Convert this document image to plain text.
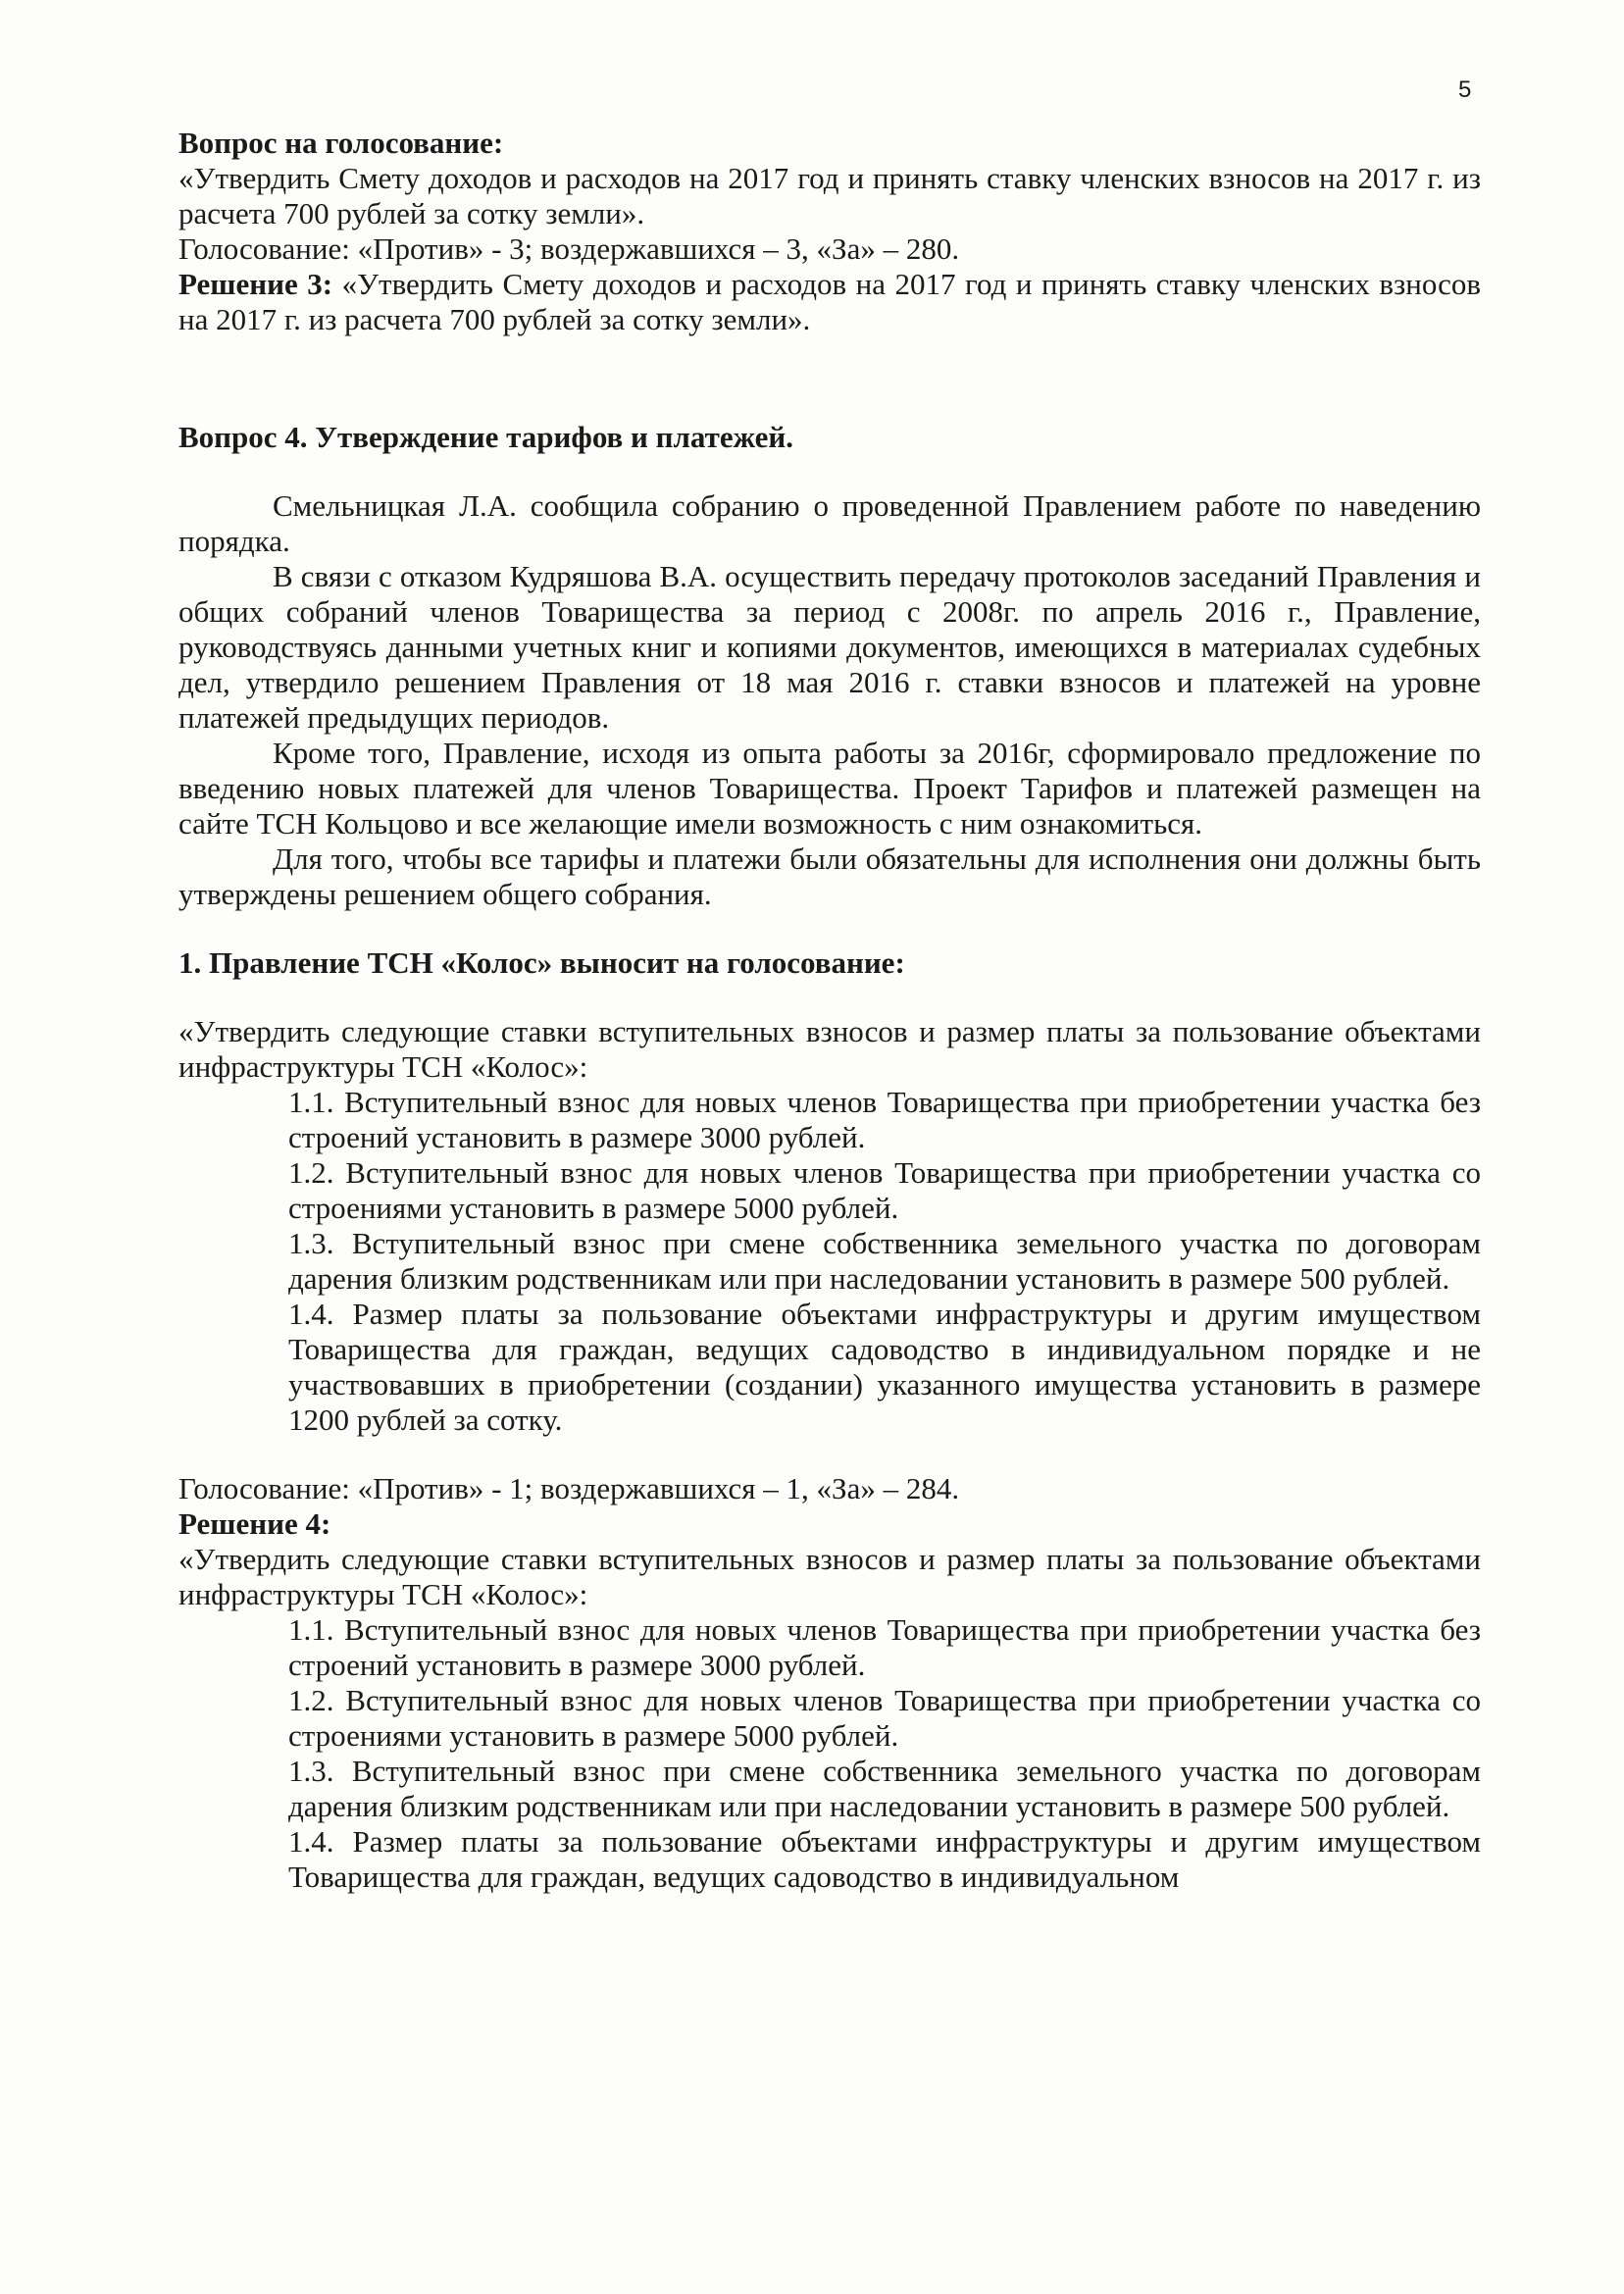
5

Вопрос на голосование:

«Утвердить Смету доходов и расходов на 2017 год и принять ставку членских взносов на 2017 г. из расчета 700 рублей за сотку земли».

Голосование: «Против» - 3; воздержавшихся – 3, «За» – 280.

Решение 3: «Утвердить Смету доходов и расходов на 2017 год и принять ставку членских взносов на 2017 г. из расчета 700 рублей за сотку земли».

Вопрос 4. Утверждение тарифов и платежей.

Смельницкая Л.А. сообщила собранию о проведенной Правлением работе по наведению порядка.

В связи с отказом Кудряшова В.А. осуществить передачу протоколов заседаний Правления и общих собраний членов Товарищества за период с 2008г. по апрель 2016 г., Правление, руководствуясь данными учетных книг и копиями документов, имеющихся в материалах судебных дел, утвердило решением Правления от 18 мая 2016 г. ставки взносов и платежей на уровне платежей предыдущих периодов.

Кроме того, Правление, исходя из опыта работы за 2016г, сформировало предложение по введению новых платежей для членов Товарищества. Проект Тарифов и платежей размещен на сайте ТСН Кольцово и все желающие имели возможность с ним ознакомиться.

Для того, чтобы все тарифы и платежи были обязательны для исполнения они должны быть утверждены решением общего собрания.

1. Правление ТСН «Колос» выносит на голосование:

«Утвердить следующие ставки вступительных взносов и размер платы за пользование объектами инфраструктуры ТСН «Колос»:

1.1. Вступительный взнос для новых членов Товарищества при приобретении участка без строений установить в размере 3000 рублей.

1.2. Вступительный взнос для новых членов Товарищества при приобретении участка со строениями установить в размере 5000 рублей.

1.3. Вступительный взнос при смене собственника земельного участка по договорам дарения близким родственникам или при наследовании установить в размере 500 рублей.

1.4. Размер платы за пользование объектами инфраструктуры и другим имуществом Товарищества для граждан, ведущих садоводство в индивидуальном порядке и не участвовавших в приобретении (создании) указанного имущества установить в размере 1200 рублей за сотку.

Голосование: «Против» - 1; воздержавшихся – 1, «За» – 284.

Решение 4:

«Утвердить следующие ставки вступительных взносов и размер платы за пользование объектами инфраструктуры ТСН «Колос»:

1.1. Вступительный взнос для новых членов Товарищества при приобретении участка без строений установить в размере 3000 рублей.

1.2. Вступительный взнос для новых членов Товарищества при приобретении участка со строениями установить в размере 5000 рублей.

1.3. Вступительный взнос при смене собственника земельного участка по договорам дарения близким родственникам или при наследовании установить в размере 500 рублей.

1.4. Размер платы за пользование объектами инфраструктуры и другим имуществом Товарищества для граждан, ведущих садоводство в индивидуальном
